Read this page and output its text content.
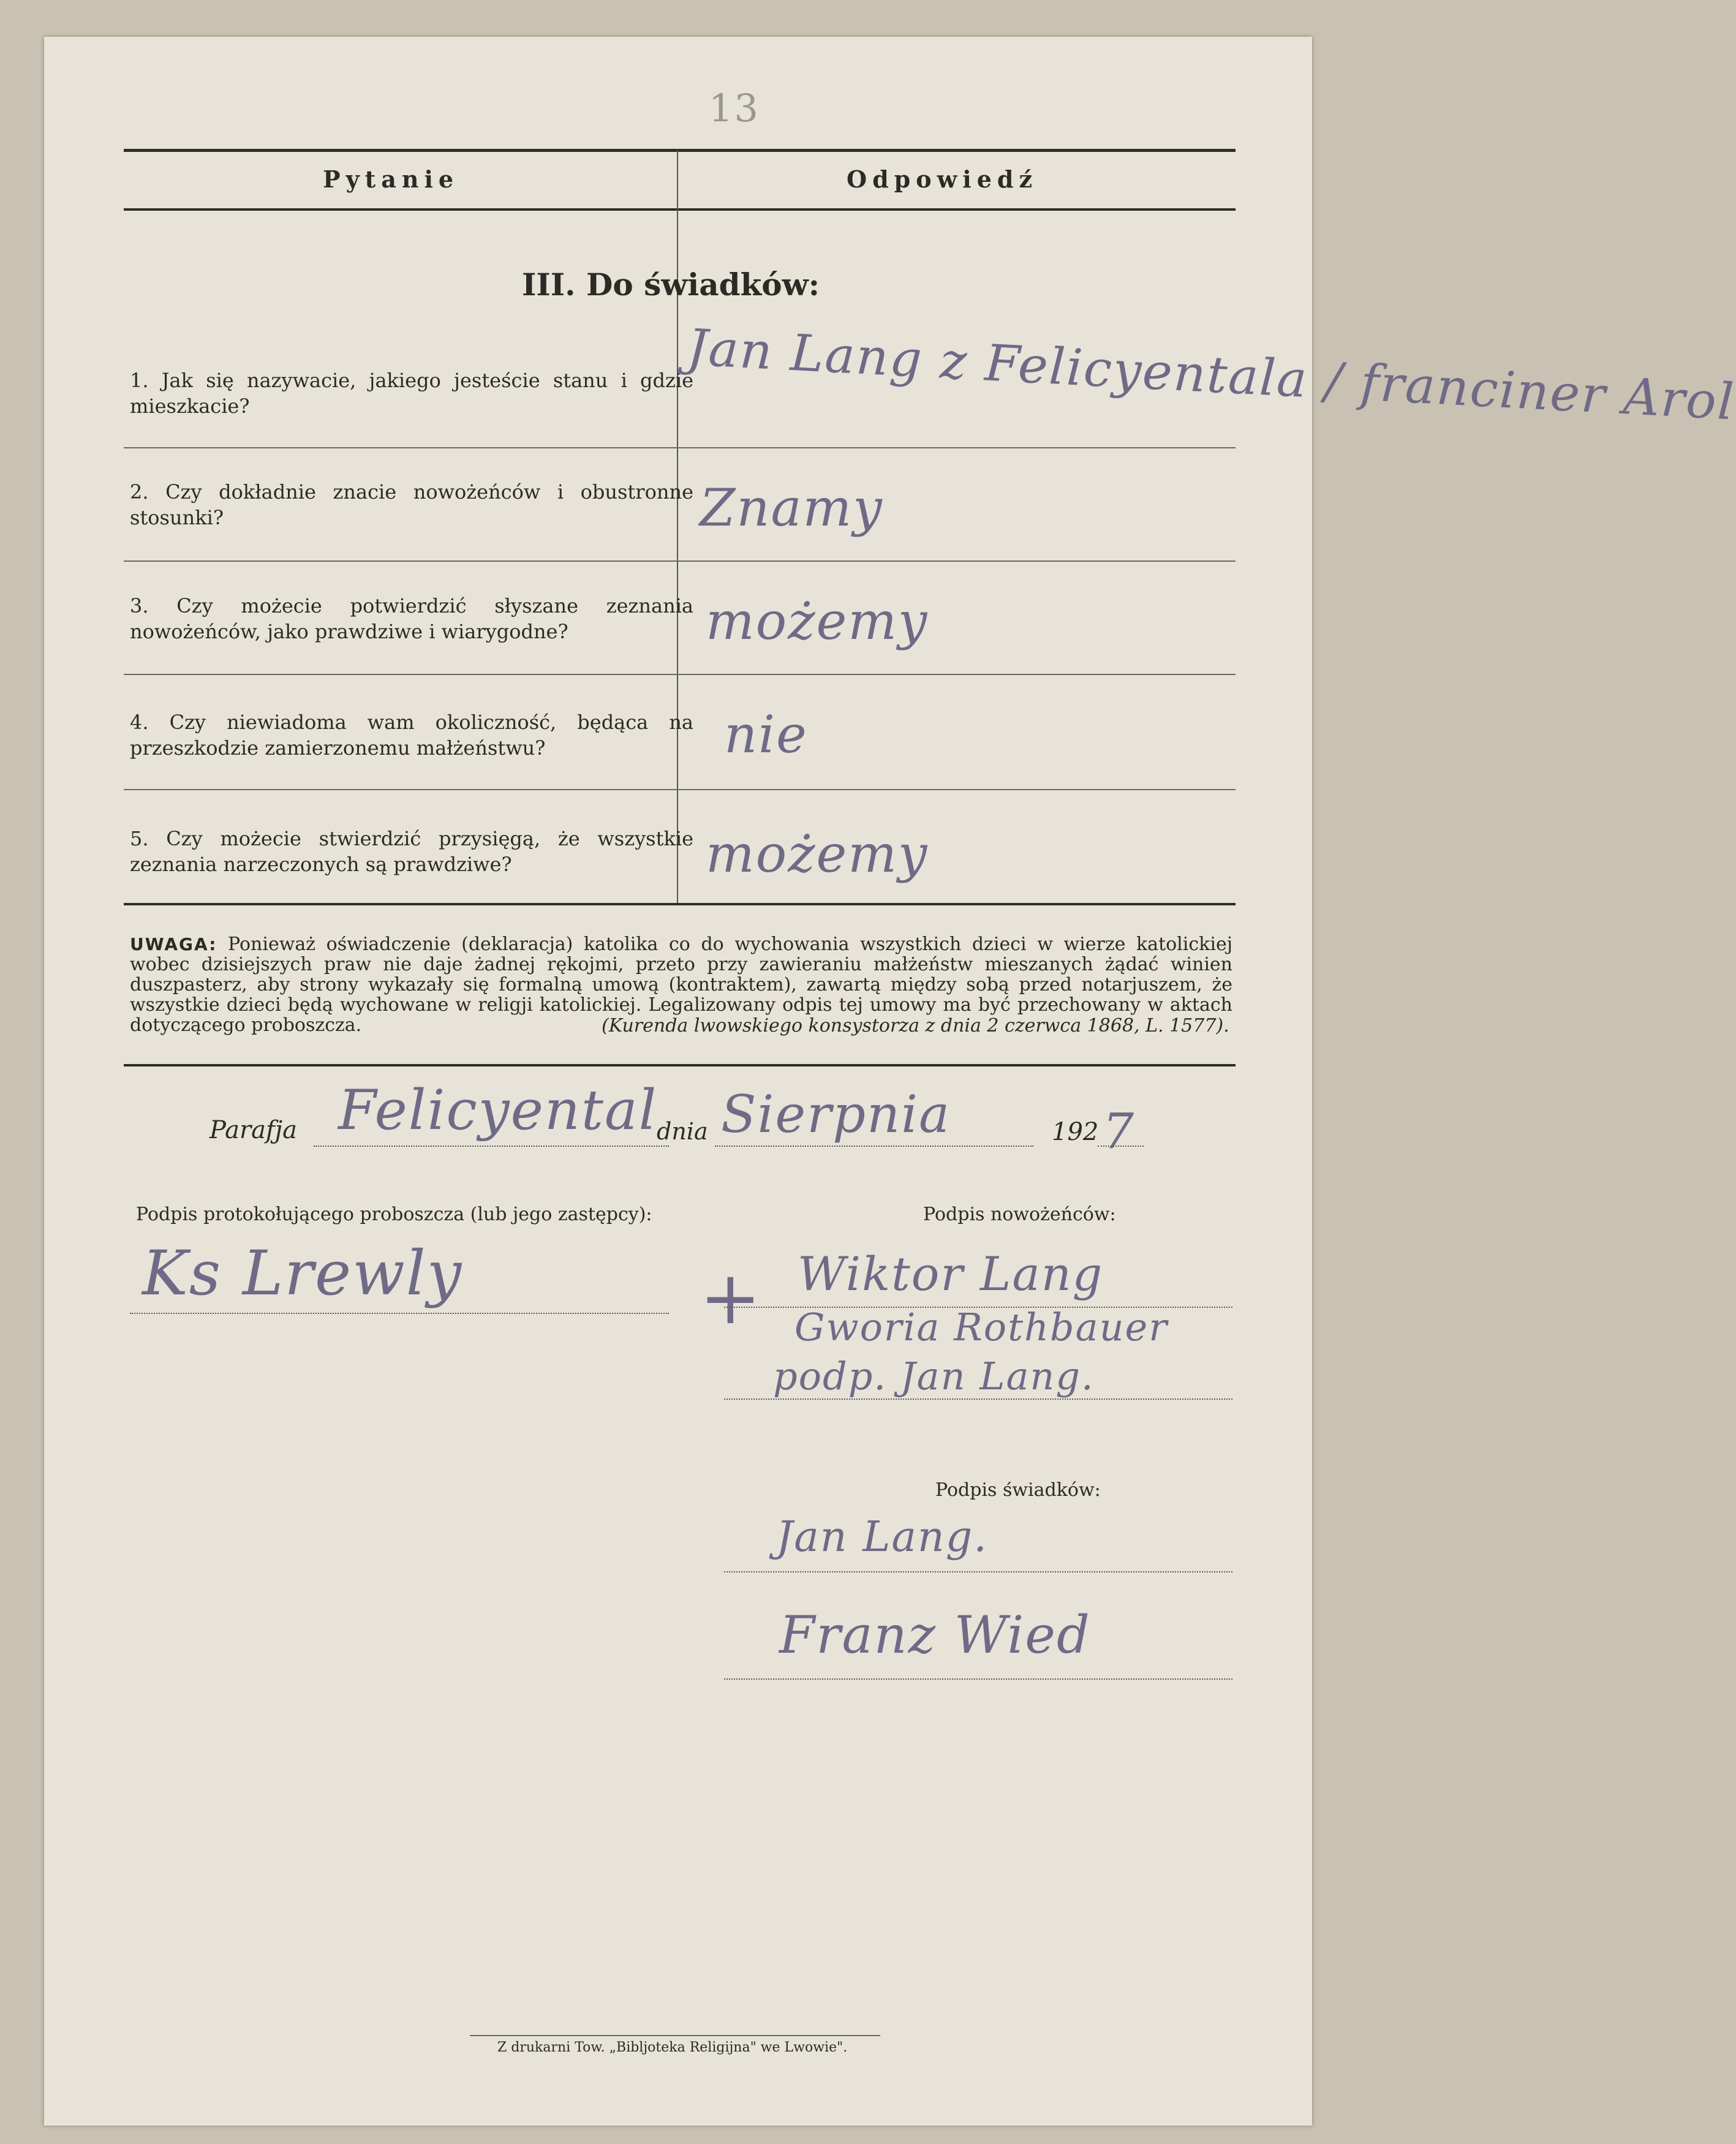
13
Pytanie	Odpowiedź
III. Do świadków:
1. Jak się nazywacie, jakiego jesteście stanu i gdzie mieszkacie?	Jan Lang z Felicyentala / franciner Arol
2. Czy dokładnie znacie nowożeńców i obustronne stosunki?	Znamy
3. Czy możecie potwierdzić słyszane zeznania nowożeńców, jako prawdziwe i wiarygodne?	możemy
4. Czy niewiadoma wam okoliczność, będąca na przeszkodzie zamierzonemu małżeństwu?	nie
5. Czy możecie stwierdzić przysięgą, że wszystkie zeznania narzeczonych są prawdziwe?	możemy
UWAGA: Ponieważ oświadczenie (deklaracja) katolika co do wychowania wszystkich dzieci w wierze katolickiej wobec dzisiejszych praw nie daje żadnej rękojmi, przeto przy zawieraniu małżeństw mieszanych żądać winien duszpasterz, aby strony wykazały się formalną umową (kontraktem), zawartą między sobą przed notarjuszem, że wszystkie dzieci będą wychowane w religji katolickiej. Legalizowany odpis tej umowy ma być przechowany w aktach dotyczącego proboszcza.	(Kurenda lwowskiego konsystorza z dnia 2 czerwca 1868, L. 1577).
Parafja Felicyental
dnia Sierpnia	192 7
Podpis protokołującego proboszcza (lub jego zastępcy):	Podpis nowożeńców:
Ks Lrewly	+ Wiktor Lang
Gworia Rothbauer
podp. Jan Lang.
Podpis świadków:
Jan Lang.
Franz Wied
Z drukarni Tow. „Bibljoteka Religijna" we Lwowie".
